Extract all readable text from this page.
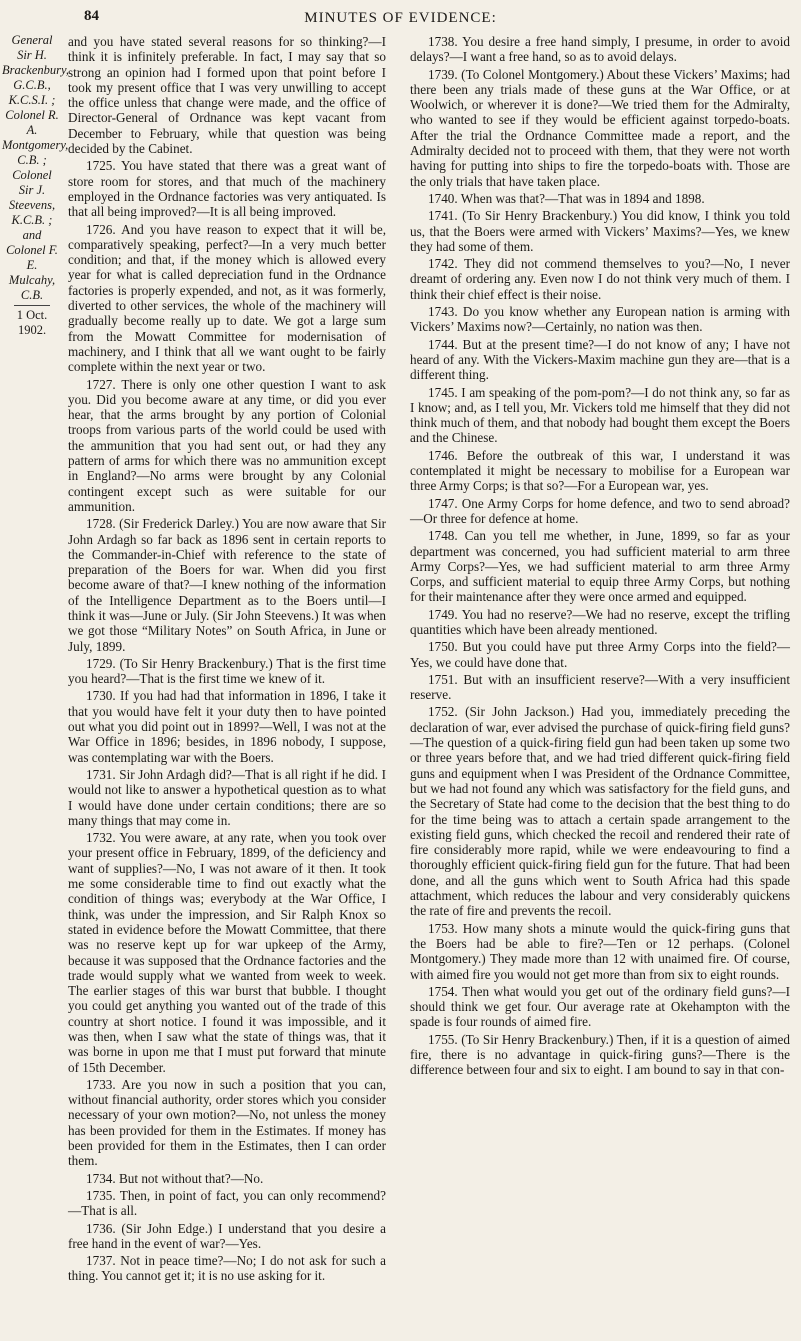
84	MINUTES OF EVIDENCE:
General
Sir H.
Brackenbury,
G.C.B.,
K.C.S.I. ;
Colonel R. A.
Montgomery,
C.B. ;
Colonel
Sir J.
Steevens,
K.C.B. ; and
Colonel F. E.
Mulcahy, C.B.
1 Oct. 1902.

and you have stated several reasons for so thinking?—I think it is infinitely preferable. In fact, I may say that so strong an opinion had I formed upon that point before I took my present office that I was very unwilling to accept the office unless that change were made, and the office of Director-General of Ordnance was kept vacant from December to February, while that question was being decided by the Cabinet.

1725. You have stated that there was a great want of store room for stores, and that much of the machinery employed in the Ordnance factories was very antiquated. Is that all being improved?—It is all being improved.

1726. And you have reason to expect that it will be, comparatively speaking, perfect?—In a very much better condition; and that, if the money which is allowed every year for what is called depreciation fund in the Ordnance factories is properly expended, and not, as it was formerly, diverted to other services, the whole of the machinery will gradually become really up to date. We got a large sum from the Mowatt Committee for modernisation of machinery, and I think that all we want ought to be fairly complete within the next year or two.

1727. There is only one other question I want to ask you. Did you become aware at any time, or did you ever hear, that the arms brought by any portion of Colonial troops from various parts of the world could be used with the ammunition that you had sent out, or had they any pattern of arms for which there was no ammunition except in England?—No arms were brought by any Colonial contingent except such as were suitable for our ammunition.

1728. (Sir Frederick Darley.) You are now aware that Sir John Ardagh so far back as 1896 sent in certain reports to the Commander-in-Chief with reference to the state of preparation of the Boers for war. When did you first become aware of that?—I knew nothing of the information of the Intelligence Department as to the Boers until—I think it was—June or July. (Sir John Steevens.) It was when we got those “Military Notes” on South Africa, in June or July, 1899.

1729. (To Sir Henry Brackenbury.) That is the first time you heard?—That is the first time we knew of it.

1730. If you had had that information in 1896, I take it that you would have felt it your duty then to have pointed out what you did point out in 1899?—Well, I was not at the War Office in 1896; besides, in 1896 nobody, I suppose, was contemplating war with the Boers.

1731. Sir John Ardagh did?—That is all right if he did. I would not like to answer a hypothetical question as to what I would have done under certain conditions; there are so many things that may come in.

1732. You were aware, at any rate, when you took over your present office in February, 1899, of the deficiency and want of supplies?—No, I was not aware of it then. It took me some considerable time to find out exactly what the condition of things was; everybody at the War Office, I think, was under the impression, and Sir Ralph Knox so stated in evidence before the Mowatt Committee, that there was no reserve kept up for war upkeep of the Army, because it was supposed that the Ordnance factories and the trade would supply what we wanted from week to week. The earlier stages of this war burst that bubble. I thought you could get anything you wanted out of the trade of this country at short notice. I found it was impossible, and it was then, when I saw what the state of things was, that it was borne in upon me that I must put forward that minute of 15th December.

1733. Are you now in such a position that you can, without financial authority, order stores which you consider necessary of your own motion?—No, not unless the money has been provided for them in the Estimates. If money has been provided for them in the Estimates, then I can order them.

1734. But not without that?—No.

1735. Then, in point of fact, you can only recommend?—That is all.

1736. (Sir John Edge.) I understand that you desire a free hand in the event of war?—Yes.

1737. Not in peace time?—No; I do not ask for such a thing. You cannot get it; it is no use asking for it.

1738. You desire a free hand simply, I presume, in order to avoid delays?—I want a free hand, so as to avoid delays.

1739. (To Colonel Montgomery.) About these Vickers’ Maxims; had there been any trials made of these guns at the War Office, or at Woolwich, or wherever it is done?—We tried them for the Admiralty, who wanted to see if they would be efficient against torpedo-boats. After the trial the Ordnance Committee made a report, and the Admiralty decided not to proceed with them, that they were not worth having for putting into ships to fire the torpedo-boats with. Those are the only trials that have taken place.

1740. When was that?—That was in 1894 and 1898.

1741. (To Sir Henry Brackenbury.) You did know, I think you told us, that the Boers were armed with Vickers’ Maxims?—Yes, we knew they had some of them.

1742. They did not commend themselves to you?—No, I never dreamt of ordering any. Even now I do not think very much of them. I think their chief effect is their noise.

1743. Do you know whether any European nation is arming with Vickers’ Maxims now?—Certainly, no nation was then.

1744. But at the present time?—I do not know of any; I have not heard of any. With the Vickers-Maxim machine gun they are—that is a different thing.

1745. I am speaking of the pom-pom?—I do not think any, so far as I know; and, as I tell you, Mr. Vickers told me himself that they did not think much of them, and that nobody had bought them except the Boers and the Chinese.

1746. Before the outbreak of this war, I understand it was contemplated it might be necessary to mobilise for a European war three Army Corps; is that so?—For a European war, yes.

1747. One Army Corps for home defence, and two to send abroad?—Or three for defence at home.

1748. Can you tell me whether, in June, 1899, so far as your department was concerned, you had sufficient material to arm three Army Corps?—Yes, we had sufficient material to arm three Army Corps, and sufficient material to equip three Army Corps, but nothing for their maintenance after they were once armed and equipped.

1749. You had no reserve?—We had no reserve, except the trifling quantities which have been already mentioned.

1750. But you could have put three Army Corps into the field?—Yes, we could have done that.

1751. But with an insufficient reserve?—With a very insufficient reserve.

1752. (Sir John Jackson.) Had you, immediately preceding the declaration of war, ever advised the purchase of quick-firing field guns?—The question of a quick-firing field gun had been taken up some two or three years before that, and we had tried different quick-firing field guns and equipment when I was President of the Ordnance Committee, but we had not found any which was satisfactory for the field guns, and the Secretary of State had come to the decision that the best thing to do for the time being was to attach a certain spade arrangement to the existing field guns, which checked the recoil and rendered their rate of fire considerably more rapid, while we were endeavouring to find a thoroughly efficient quick-firing field gun for the future. That had been done, and all the guns which went to South Africa had this spade attachment, which reduces the labour and very considerably quickens the rate of fire and prevents the recoil.

1753. How many shots a minute would the quick-firing guns that the Boers had be able to fire?—Ten or 12 perhaps. (Colonel Montgomery.) They made more than 12 with unaimed fire. Of course, with aimed fire you would not get more than from six to eight rounds.

1754. Then what would you get out of the ordinary field guns?—I should think we get four. Our average rate at Okehampton with the spade is four rounds of aimed fire.

1755. (To Sir Henry Brackenbury.) Then, if it is a question of aimed fire, there is no advantage in quick-firing guns?—There is the difference between four and six to eight. I am bound to say in that con-
